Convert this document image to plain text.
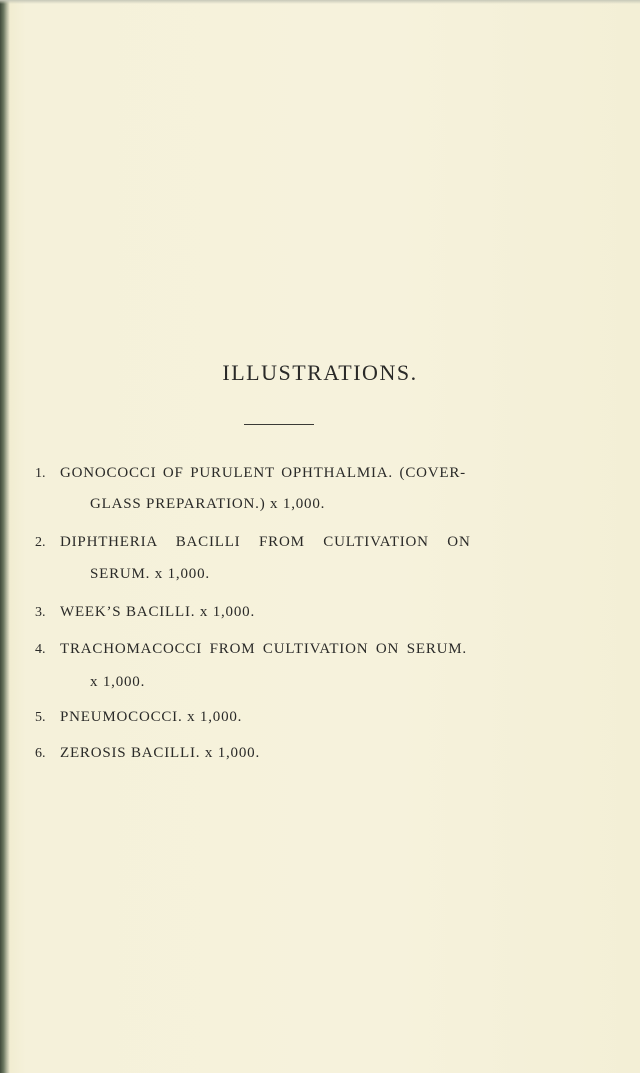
ILLUSTRATIONS.
1. GONOCOCCI OF PURULENT OPHTHALMIA. (COVER-
GLASS PREPARATION.) x 1,000.
2. DIPHTHERIA BACILLI FROM CULTIVATION ON
SERUM. x 1,000.
3. WEEK’S BACILLI. x 1,000.
4. TRACHOMACOCCI FROM CULTIVATION ON SERUM.
x 1,000.
5. PNEUMOCOCCI. x 1,000.
6. ZEROSIS BACILLI. x 1,000.
